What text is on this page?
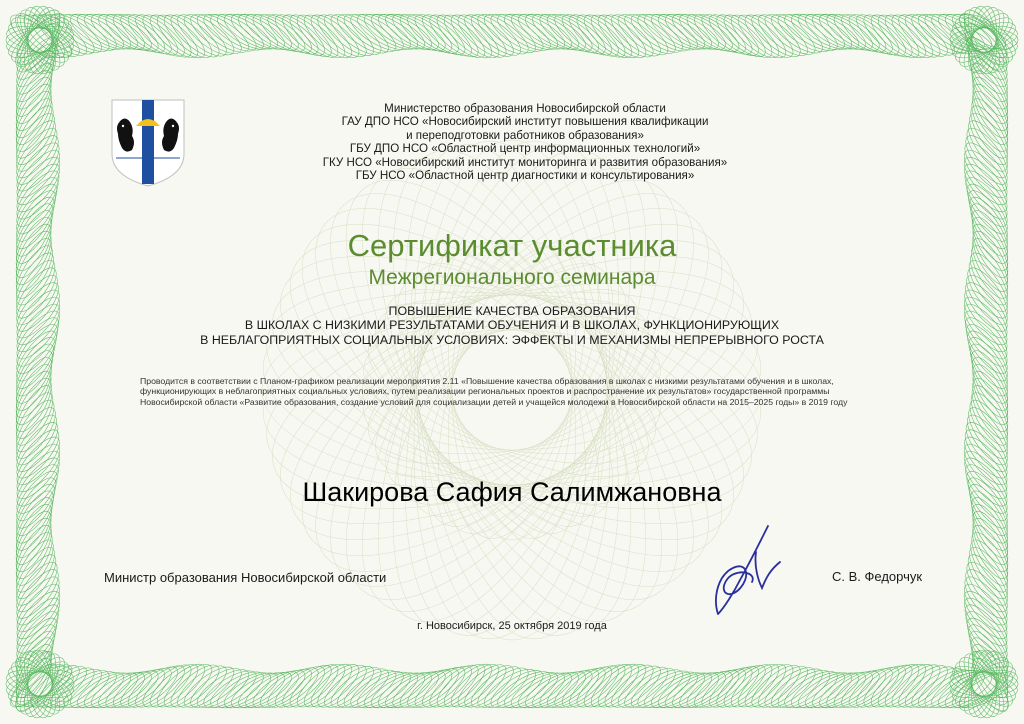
Министерство образования Новосибирской области
ГАУ ДПО НСО «Новосибирский институт повышения квалификации
и переподготовки работников образования»
ГБУ ДПО НСО «Областной центр информационных технологий»
ГКУ НСО «Новосибирский институт мониторинга и развития образования»
ГБУ НСО «Областной центр диагностики и консультирования»
Сертификат участника
Межрегионального семинара
ПОВЫШЕНИЕ КАЧЕСТВА ОБРАЗОВАНИЯ
В ШКОЛАХ С НИЗКИМИ РЕЗУЛЬТАТАМИ ОБУЧЕНИЯ И В ШКОЛАХ, ФУНКЦИОНИРУЮЩИХ
В НЕБЛАГОПРИЯТНЫХ СОЦИАЛЬНЫХ УСЛОВИЯХ: ЭФФЕКТЫ И МЕХАНИЗМЫ НЕПРЕРЫВНОГО РОСТА
Проводится в соответствии с Планом-графиком реализации мероприятия 2.11 «Повышение качества образования в школах с низкими результатами обучения и в школах,
функционирующих в неблагоприятных социальных условиях, путем реализации региональных проектов и распространение их результатов» государственной программы
Новосибирской области «Развитие образования, создание условий для социализации детей и учащейся молодежи в Новосибирской области на 2015–2025 годы» в 2019 году
Шакирова Сафия Салимжановна
Министр образования Новосибирской области	С. В. Федорчук
г. Новосибирск, 25 октября 2019 года
